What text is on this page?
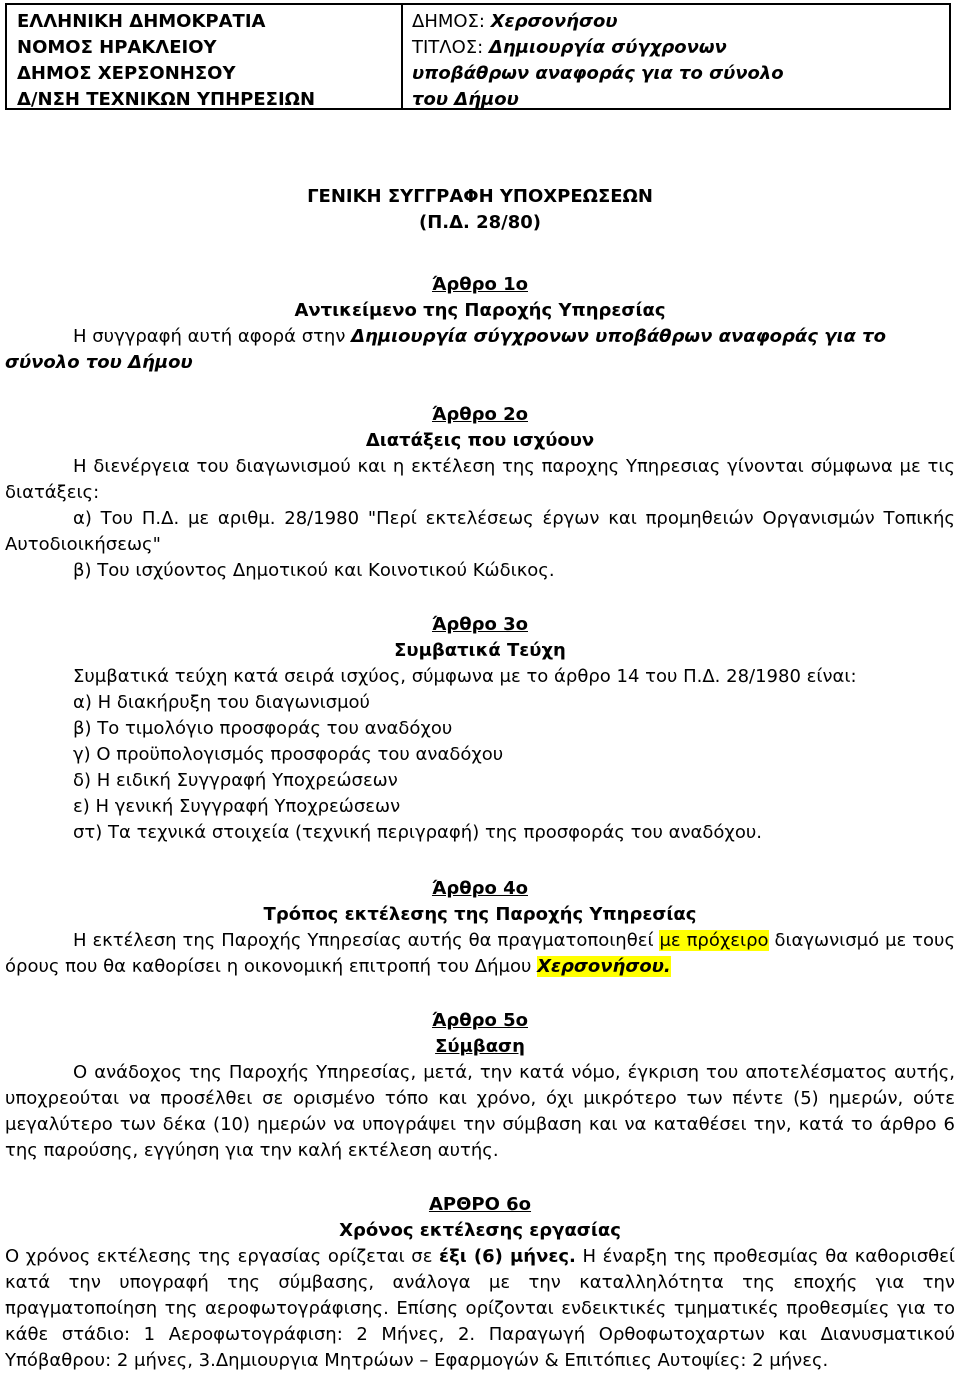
ΕΛΛΗΝΙΚΗ ΔΗΜΟΚΡΑΤΙΑ
ΝΟΜΟΣ ΗΡΑΚΛΕΙΟΥ
ΔΗΜΟΣ ΧΕΡΣΟΝΗΣΟΥ
Δ/ΝΣΗ ΤΕΧΝΙΚΩΝ ΥΠΗΡΕΣΙΩΝ
ΔΗΜΟΣ: Χερσονήσου
ΤΙΤΛΟΣ: Δημιουργία σύγχρονων
υποβάθρων αναφοράς για το σύνολο
του Δήμου
ΓΕΝΙΚΗ ΣΥΓΓΡΑΦΗ ΥΠΟΧΡΕΩΣΕΩΝ
(Π.Δ. 28/80)
Άρθρο 1ο
Αντικείμενο της Παροχής Υπηρεσίας
Η συγγραφή αυτή αφορά στην Δημιουργία σύγχρονων υποβάθρων αναφοράς για το σύνολο του Δήμου
Άρθρο 2ο
Διατάξεις που ισχύουν
Η διενέργεια του διαγωνισμού και η εκτέλεση της παροχης Υπηρεσιας γίνονται σύμφωνα με τις διατάξεις:
α) Του Π.Δ. με αριθμ. 28/1980 "Περί εκτελέσεως έργων και προμηθειών Οργανισμών Τοπικής Αυτοδιοικήσεως"
β) Του ισχύοντος Δημοτικού και Κοινοτικού Κώδικος.
Άρθρο 3ο
Συμβατικά Τεύχη
Συμβατικά τεύχη κατά σειρά ισχύος, σύμφωνα με το άρθρο 14 του Π.Δ. 28/1980 είναι:
α) Η διακήρυξη του διαγωνισμού
β) Το τιμολόγιο προσφοράς του αναδόχου
γ) Ο προϋπολογισμός προσφοράς του αναδόχου
δ) Η ειδική Συγγραφή Υποχρεώσεων
ε) Η γενική Συγγραφή Υποχρεώσεων
στ) Τα τεχνικά στοιχεία (τεχνική περιγραφή) της προσφοράς του αναδόχου.
Άρθρο 4ο
Τρόπος εκτέλεσης της Παροχής Υπηρεσίας
Η εκτέλεση της Παροχής Υπηρεσίας αυτής θα πραγματοποιηθεί με πρόχειρο διαγωνισμό με τους όρους που θα καθορίσει η οικονομική επιτροπή του Δήμου Χερσονήσου.
Άρθρο 5ο
Σύμβαση
Ο ανάδοχος της Παροχής Υπηρεσίας, μετά, την κατά νόμο, έγκριση του αποτελέσματος αυτής, υποχρεούται να προσέλθει σε ορισμένο τόπο και χρόνο, όχι μικρότερο των πέντε (5) ημερών, ούτε μεγαλύτερο των δέκα (10) ημερών να υπογράψει την σύμβαση και να καταθέσει την, κατά το άρθρο 6 της παρούσης, εγγύηση για την καλή εκτέλεση αυτής.
ΑΡΘΡΟ 6ο
Χρόνος εκτέλεσης εργασίας
Ο χρόνος εκτέλεσης της εργασίας ορίζεται σε έξι (6) μήνες. Η έναρξη της προθεσμίας θα καθορισθεί κατά την υπογραφή της σύμβασης, ανάλογα με την καταλληλότητα της εποχής για την πραγματοποίηση της αεροφωτογράφισης. Επίσης ορίζονται ενδεικτικές τμηματικές προθεσμίες για το κάθε στάδιο: 1 Αεροφωτογράφιση: 2 Μήνες, 2. Παραγωγή Ορθοφωτοχαρτων και Διανυσματικού Υπόβαθρου: 2 μήνες, 3.Δημιουργια Μητρώων – Εφαρμογών & Επιτόπιες Αυτοψίες: 2 μήνες.
